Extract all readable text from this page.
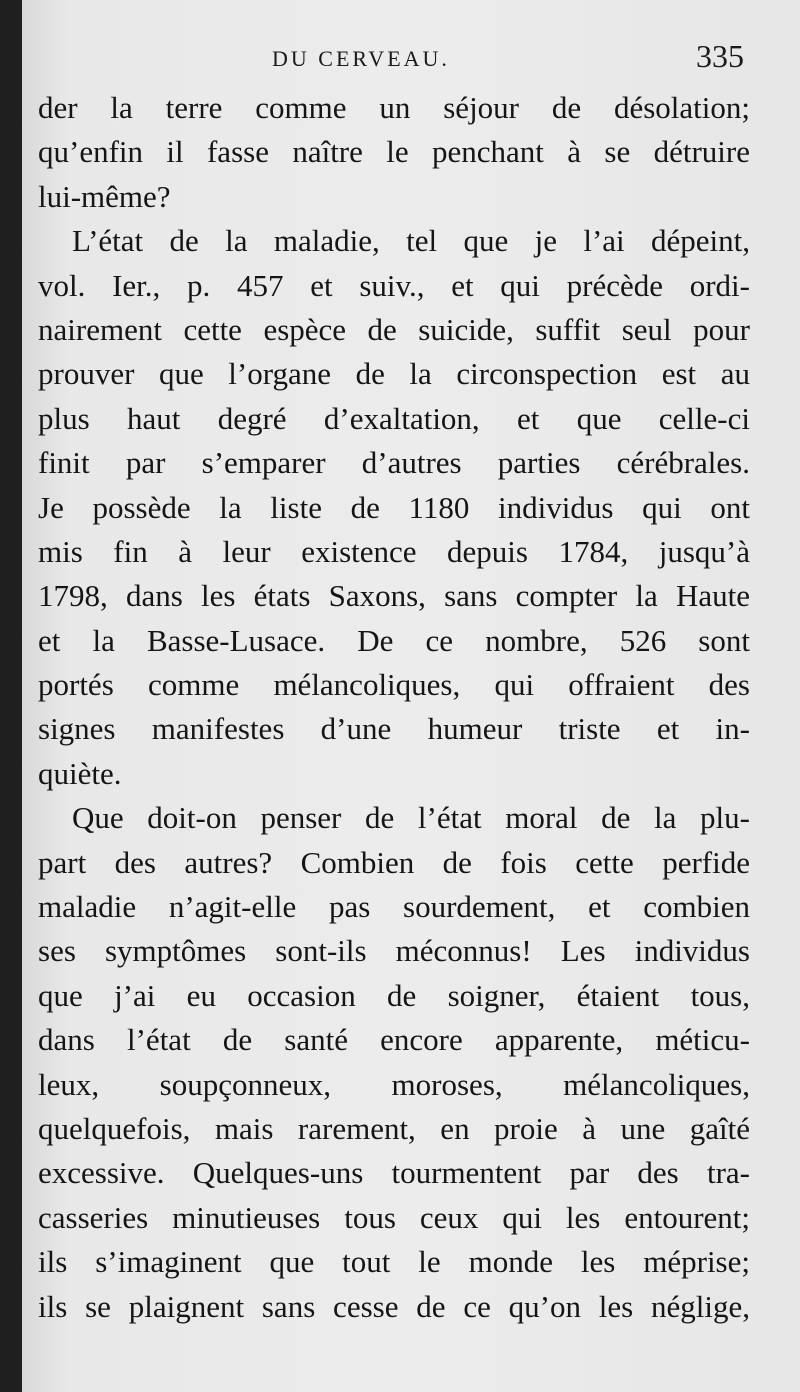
DU CERVEAU.	335
der la terre comme un séjour de désolation;
qu’enfin il fasse naître le penchant à se détruire
lui-même?
L’état de la maladie, tel que je l’ai dépeint,
vol. Ier., p. 457 et suiv., et qui précède ordi-
nairement cette espèce de suicide, suffit seul pour
prouver que l’organe de la circonspection est au
plus haut degré d’exaltation, et que celle-ci
finit par s’emparer d’autres parties cérébrales.
Je possède la liste de 1180 individus qui ont
mis fin à leur existence depuis 1784, jusqu’à
1798, dans les états Saxons, sans compter la Haute
et la Basse-Lusace. De ce nombre, 526 sont
portés comme mélancoliques, qui offraient des
signes manifestes d’une humeur triste et in-
quiète.
Que doit-on penser de l’état moral de la plu-
part des autres? Combien de fois cette perfide
maladie n’agit-elle pas sourdement, et combien
ses symptômes sont-ils méconnus! Les individus
que j’ai eu occasion de soigner, étaient tous,
dans l’état de santé encore apparente, méticu-
leux, soupçonneux, moroses, mélancoliques,
quelquefois, mais rarement, en proie à une gaîté
excessive. Quelques-uns tourmentent par des tra-
casseries minutieuses tous ceux qui les entourent;
ils s’imaginent que tout le monde les méprise;
ils se plaignent sans cesse de ce qu’on les néglige,
